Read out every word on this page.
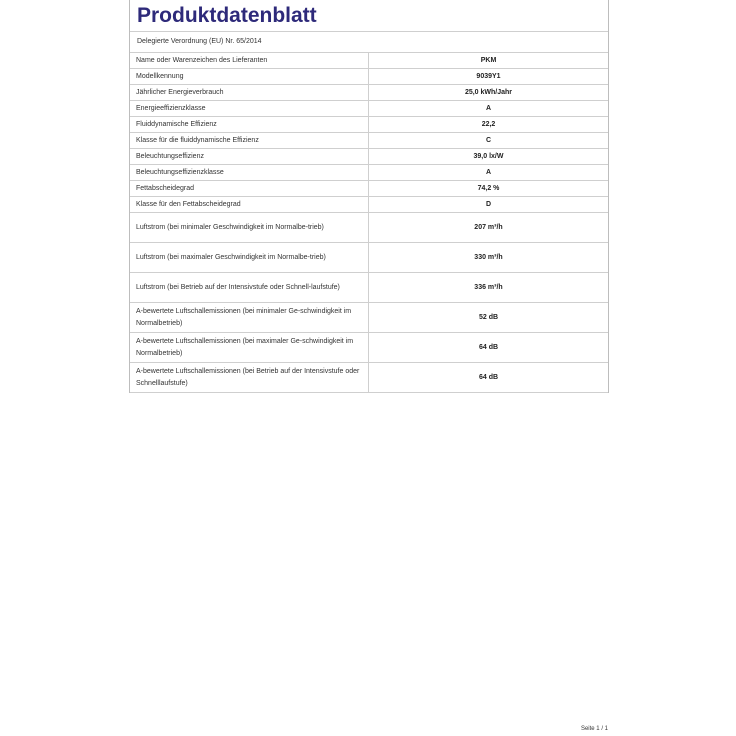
Produktdatenblatt
Delegierte Verordnung (EU) Nr. 65/2014
Name oder Warenzeichen des Lieferanten	PKM
Modellkennung	9039Y1
Jährlicher Energieverbrauch	25,0 kWh/Jahr
Energieeffizienzklasse	A
Fluiddynamische Effizienz	22,2
Klasse für die fluiddynamische Effizienz	C
Beleuchtungseffizienz	39,0 lx/W
Beleuchtungseffizienzklasse	A
Fettabscheidegrad	74,2 %
Klasse für den Fettabscheidegrad	D
Luftstrom (bei minimaler Geschwindigkeit im Normalbe-trieb)	207 m³/h
Luftstrom (bei maximaler Geschwindigkeit im Normalbe-trieb)	330 m³/h
Luftstrom (bei Betrieb auf der Intensivstufe oder Schnell-laufstufe)	336 m³/h
A-bewertete Luftschallemissionen (bei minimaler Ge-schwindigkeit im Normalbetrieb)	52 dB
A-bewertete Luftschallemissionen (bei maximaler Ge-schwindigkeit im Normalbetrieb)	64 dB
A-bewertete Luftschallemissionen (bei Betrieb auf der Intensivstufe oder Schnelllaufstufe)	64 dB
Seite 1 / 1
